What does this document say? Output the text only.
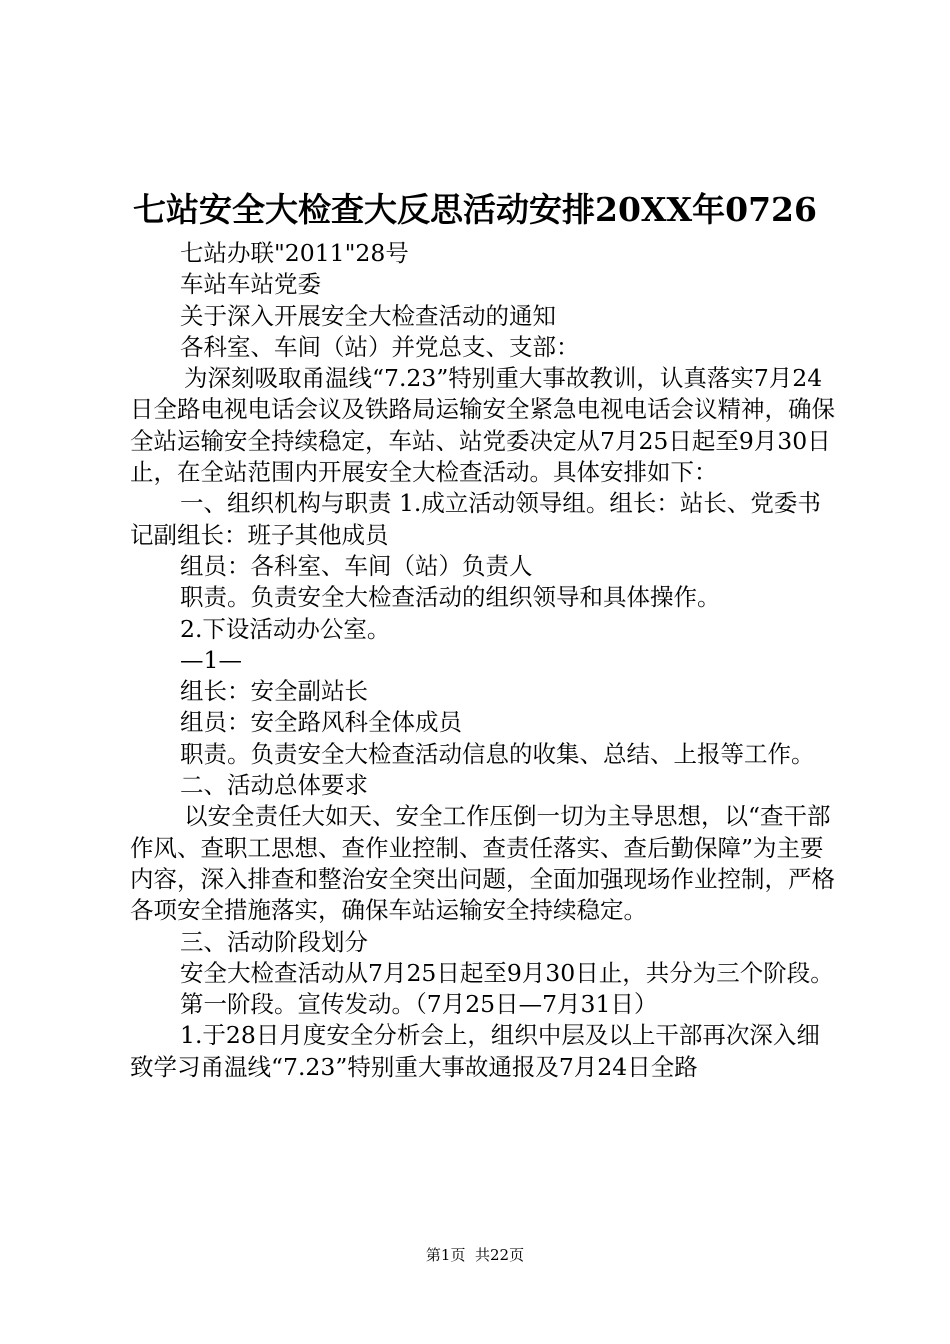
七站安全大检查大反思活动安排20XX年0726

七站办联"2011"28号

车站车站党委

关于深入开展安全大检查活动的通知

各科室、车间（站）并党总支、支部：

为深刻吸取甬温线“7.23”特别重大事故教训，认真落实7月24日全路电视电话会议及铁路局运输安全紧急电视电话会议精神，确保全站运输安全持续稳定，车站、站党委决定从7月25日起至9月30日止，在全站范围内开展安全大检查活动。具体安排如下：

一、组织机构与职责 1.成立活动领导组。组长：站长、党委书记副组长：班子其他成员

组员：各科室、车间（站）负责人

职责。负责安全大检查活动的组织领导和具体操作。

2.下设活动办公室。

—1—

组长：安全副站长

组员：安全路风科全体成员

职责。负责安全大检查活动信息的收集、总结、上报等工作。

二、活动总体要求

以安全责任大如天、安全工作压倒一切为主导思想，以“查干部作风、查职工思想、查作业控制、查责任落实、查后勤保障”为主要内容，深入排查和整治安全突出问题，全面加强现场作业控制，严格各项安全措施落实，确保车站运输安全持续稳定。

三、活动阶段划分

安全大检查活动从7月25日起至9月30日止，共分为三个阶段。

第一阶段。宣传发动。（7月25日—7月31日）

1.于28日月度安全分析会上，组织中层及以上干部再次深入细致学习甬温线“7.23”特别重大事故通报及7月24日全路

第1页 共22页
